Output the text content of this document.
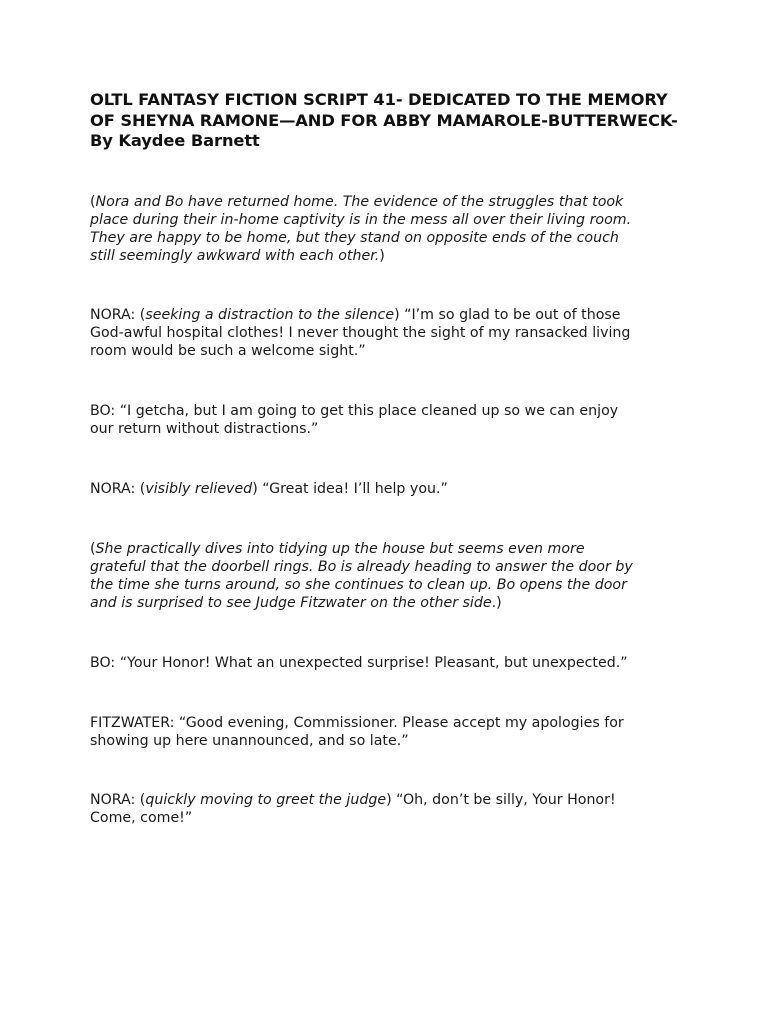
OLTL FANTASY FICTION SCRIPT 41- DEDICATED TO THE MEMORY
OF SHEYNA RAMONE—AND FOR ABBY MAMAROLE-BUTTERWECK-
By Kaydee Barnett

(Nora and Bo have returned home. The evidence of the struggles that took
place during their in-home captivity is in the mess all over their living room.
They are happy to be home, but they stand on opposite ends of the couch
still seemingly awkward with each other.)

NORA: (seeking a distraction to the silence) “I’m so glad to be out of those
God-awful hospital clothes! I never thought the sight of my ransacked living
room would be such a welcome sight.”

BO: “I getcha, but I am going to get this place cleaned up so we can enjoy
our return without distractions.”

NORA: (visibly relieved) “Great idea! I’ll help you.”

(She practically dives into tidying up the house but seems even more
grateful that the doorbell rings. Bo is already heading to answer the door by
the time she turns around, so she continues to clean up. Bo opens the door
and is surprised to see Judge Fitzwater on the other side.)

BO: “Your Honor! What an unexpected surprise! Pleasant, but unexpected.”

FITZWATER: “Good evening, Commissioner. Please accept my apologies for
showing up here unannounced, and so late.”

NORA: (quickly moving to greet the judge) “Oh, don’t be silly, Your Honor!
Come, come!”
